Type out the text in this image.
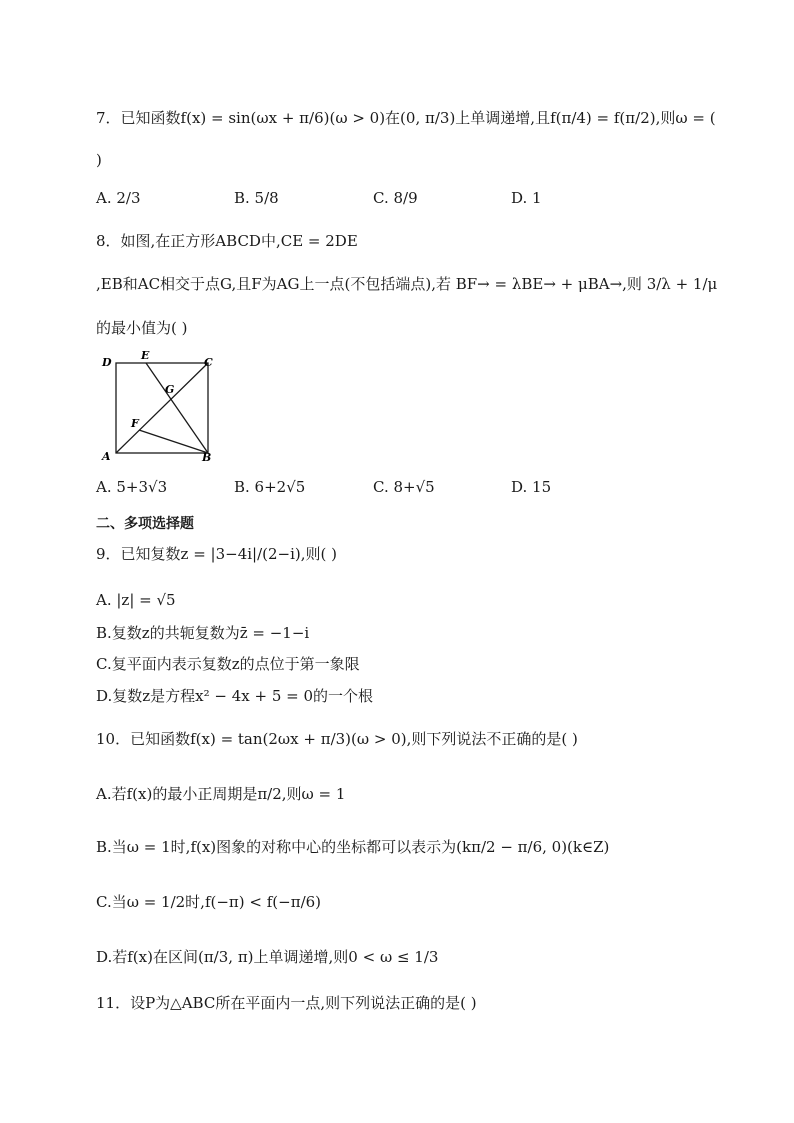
7．已知函数f(x) = sin(ωx + π/6)(ω > 0)在(0, π/3)上单调递增,且f(π/4) = f(π/2),则ω = (
)
A. 2/3	B. 5/8	C. 8/9	D. 1
8．如图,在正方形ABCD中,CE = 2DE
,EB和AC相交于点G,且F为AG上一点(不包括端点),若 BF→ = λBE→ + μBA→,则 3/λ + 1/μ
的最小值为( )
D
E
C
G
F
A	B
A. 5+3√3	B. 6+2√5	C. 8+√5	D. 15
二、多项选择题
9．已知复数z = |3−4i|/(2−i),则( )
A. |z| = √5
B.复数z的共轭复数为z̄ = −1−i
C.复平面内表示复数z的点位于第一象限
D.复数z是方程x² − 4x + 5 = 0的一个根
10．已知函数f(x) = tan(2ωx + π/3)(ω > 0),则下列说法不正确的是( )
A.若f(x)的最小正周期是π/2,则ω = 1
B.当ω = 1时,f(x)图象的对称中心的坐标都可以表示为(kπ/2 − π/6, 0)(k∈Z)
C.当ω = 1/2时,f(−π) < f(−π/6)
D.若f(x)在区间(π/3, π)上单调递增,则0 < ω ≤ 1/3
11．设P为△ABC所在平面内一点,则下列说法正确的是( )
